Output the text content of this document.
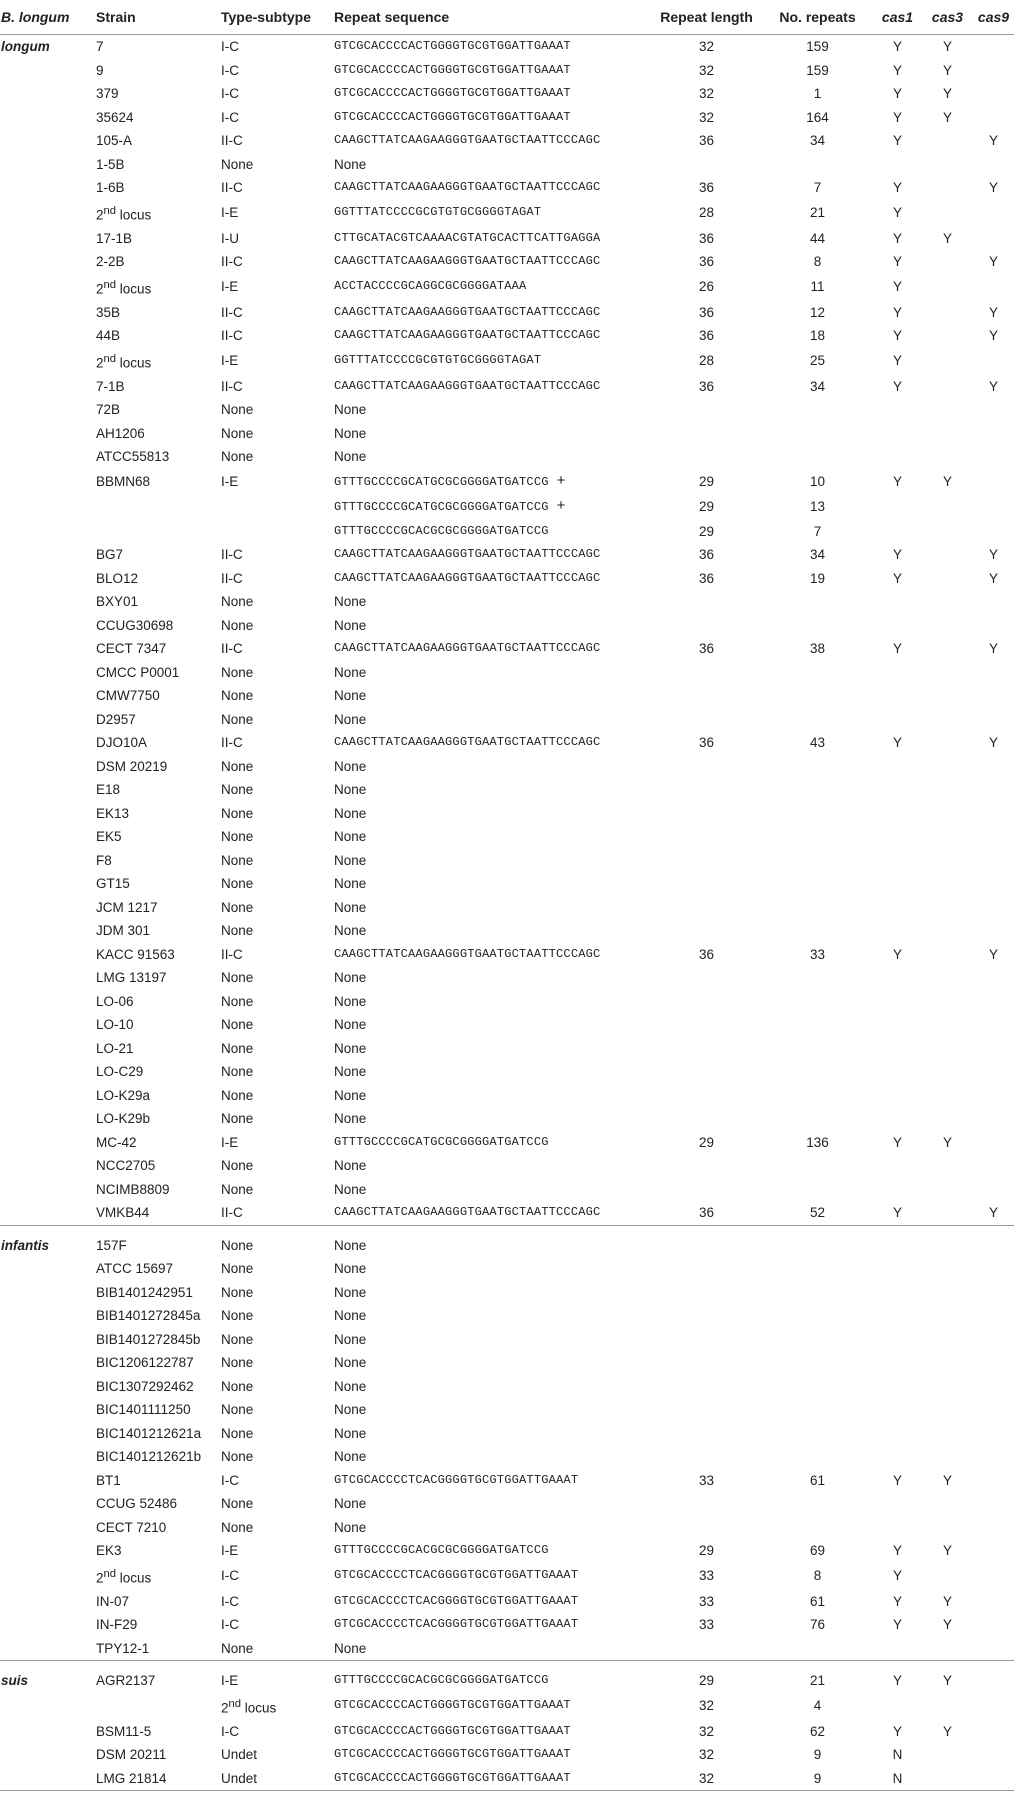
B. longum	Strain	Type-subtype	Repeat sequence	Repeat length	No. repeats	cas1	cas3	cas9
longum	7	I-C	GTCGCACCCCACTGGGGTGCGTGGATTGAAAT	32	159	Y	Y	
	9	I-C	GTCGCACCCCACTGGGGTGCGTGGATTGAAAT	32	159	Y	Y	
	379	I-C	GTCGCACCCCACTGGGGTGCGTGGATTGAAAT	32	1	Y	Y	
	35624	I-C	GTCGCACCCCACTGGGGTGCGTGGATTGAAAT	32	164	Y	Y	
	105-A	II-C	CAAGCTTATCAAGAAGGGTGAATGCTAATTCCCAGC	36	34	Y		Y
	1-5B	None	None					
	1-6B	II-C	CAAGCTTATCAAGAAGGGTGAATGCTAATTCCCAGC	36	7	Y		Y
	2nd locus	I-E	GGTTTATCCCCGCGTGTGCGGGGTAGAT	28	21	Y		
	17-1B	I-U	CTTGCATACGTCAAAACGTATGCACTTCATTGAGGA	36	44	Y	Y	
	2-2B	II-C	CAAGCTTATCAAGAAGGGTGAATGCTAATTCCCAGC	36	8	Y		Y
	2nd locus	I-E	ACCTACCCCGCAGGCGCGGGGATAAA	26	11	Y		
	35B	II-C	CAAGCTTATCAAGAAGGGTGAATGCTAATTCCCAGC	36	12	Y		Y
	44B	II-C	CAAGCTTATCAAGAAGGGTGAATGCTAATTCCCAGC	36	18	Y		Y
	2nd locus	I-E	GGTTTATCCCCGCGTGTGCGGGGTAGAT	28	25	Y		
	7-1B	II-C	CAAGCTTATCAAGAAGGGTGAATGCTAATTCCCAGC	36	34	Y		Y
	72B	None	None					
	AH1206	None	None					
	ATCC55813	None	None					
	BBMN68	I-E	GTTTGCCCCGCATGCGCGGGGATGATCCG +	29	10	Y	Y	
			GTTTGCCCCGCATGCGCGGGGATGATCCG +	29	13			
			GTTTGCCCCGCACGCGCGGGGATGATCCG	29	7			
	BG7	II-C	CAAGCTTATCAAGAAGGGTGAATGCTAATTCCCAGC	36	34	Y		Y
	BLO12	II-C	CAAGCTTATCAAGAAGGGTGAATGCTAATTCCCAGC	36	19	Y		Y
	BXY01	None	None					
	CCUG30698	None	None					
	CECT 7347	II-C	CAAGCTTATCAAGAAGGGTGAATGCTAATTCCCAGC	36	38	Y		Y
	CMCC P0001	None	None					
	CMW7750	None	None					
	D2957	None	None					
	DJO10A	II-C	CAAGCTTATCAAGAAGGGTGAATGCTAATTCCCAGC	36	43	Y		Y
	DSM 20219	None	None					
	E18	None	None					
	EK13	None	None					
	EK5	None	None					
	F8	None	None					
	GT15	None	None					
	JCM 1217	None	None					
	JDM 301	None	None					
	KACC 91563	II-C	CAAGCTTATCAAGAAGGGTGAATGCTAATTCCCAGC	36	33	Y		Y
	LMG 13197	None	None					
	LO-06	None	None					
	LO-10	None	None					
	LO-21	None	None					
	LO-C29	None	None					
	LO-K29a	None	None					
	LO-K29b	None	None					
	MC-42	I-E	GTTTGCCCCGCATGCGCGGGGATGATCCG	29	136	Y	Y	
	NCC2705	None	None					
	NCIMB8809	None	None					
	VMKB44	II-C	CAAGCTTATCAAGAAGGGTGAATGCTAATTCCCAGC	36	52	Y		Y
infantis	157F	None	None					
	ATCC 15697	None	None					
	BIB1401242951	None	None					
	BIB1401272845a	None	None					
	BIB1401272845b	None	None					
	BIC1206122787	None	None					
	BIC1307292462	None	None					
	BIC1401111250	None	None					
	BIC1401212621a	None	None					
	BIC1401212621b	None	None					
	BT1	I-C	GTCGCACCCCTCACGGGGTGCGTGGATTGAAAT	33	61	Y	Y	
	CCUG 52486	None	None					
	CECT 7210	None	None					
	EK3	I-E	GTTTGCCCCGCACGCGCGGGGATGATCCG	29	69	Y	Y	
	2nd locus	I-C	GTCGCACCCCTCACGGGGTGCGTGGATTGAAAT	33	8	Y		
	IN-07	I-C	GTCGCACCCCTCACGGGGTGCGTGGATTGAAAT	33	61	Y	Y	
	IN-F29	I-C	GTCGCACCCCTCACGGGGTGCGTGGATTGAAAT	33	76	Y	Y	
	TPY12-1	None	None					
suis	AGR2137	I-E	GTTTGCCCCGCACGCGCGGGGATGATCCG	29	21	Y	Y	
		2nd locus	GTCGCACCCCACTGGGGTGCGTGGATTGAAAT	32	4			
	BSM11-5	I-C	GTCGCACCCCACTGGGGTGCGTGGATTGAAAT	32	62	Y	Y	
	DSM 20211	Undet	GTCGCACCCCACTGGGGTGCGTGGATTGAAAT	32	9	N		
	LMG 21814	Undet	GTCGCACCCCACTGGGGTGCGTGGATTGAAAT	32	9	N		
